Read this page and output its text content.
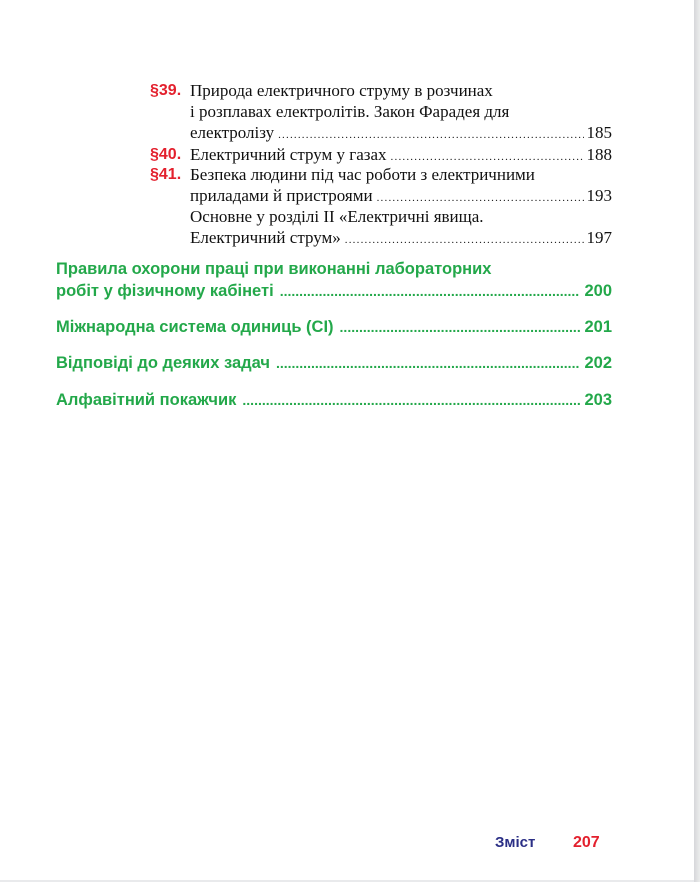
§39. Природа електричного струму в розчинах
і розплавах електролітів. Закон Фарадея для
електролізу .....	185
§40. Електричний струм у газах .....	188
§41. Безпека людини під час роботи з електричними
приладами й пристроями .....	193
Основне у розділі II «Електричні явища.
Електричний струм» .....	197
Правила охорони праці при виконанні лабораторних
робіт у фізичному кабінеті .....	200
Міжнародна система одиниць (СІ) .....	201
Відповіді до деяких задач .....	202
Алфавітний покажчик .....	203
Зміст 207
